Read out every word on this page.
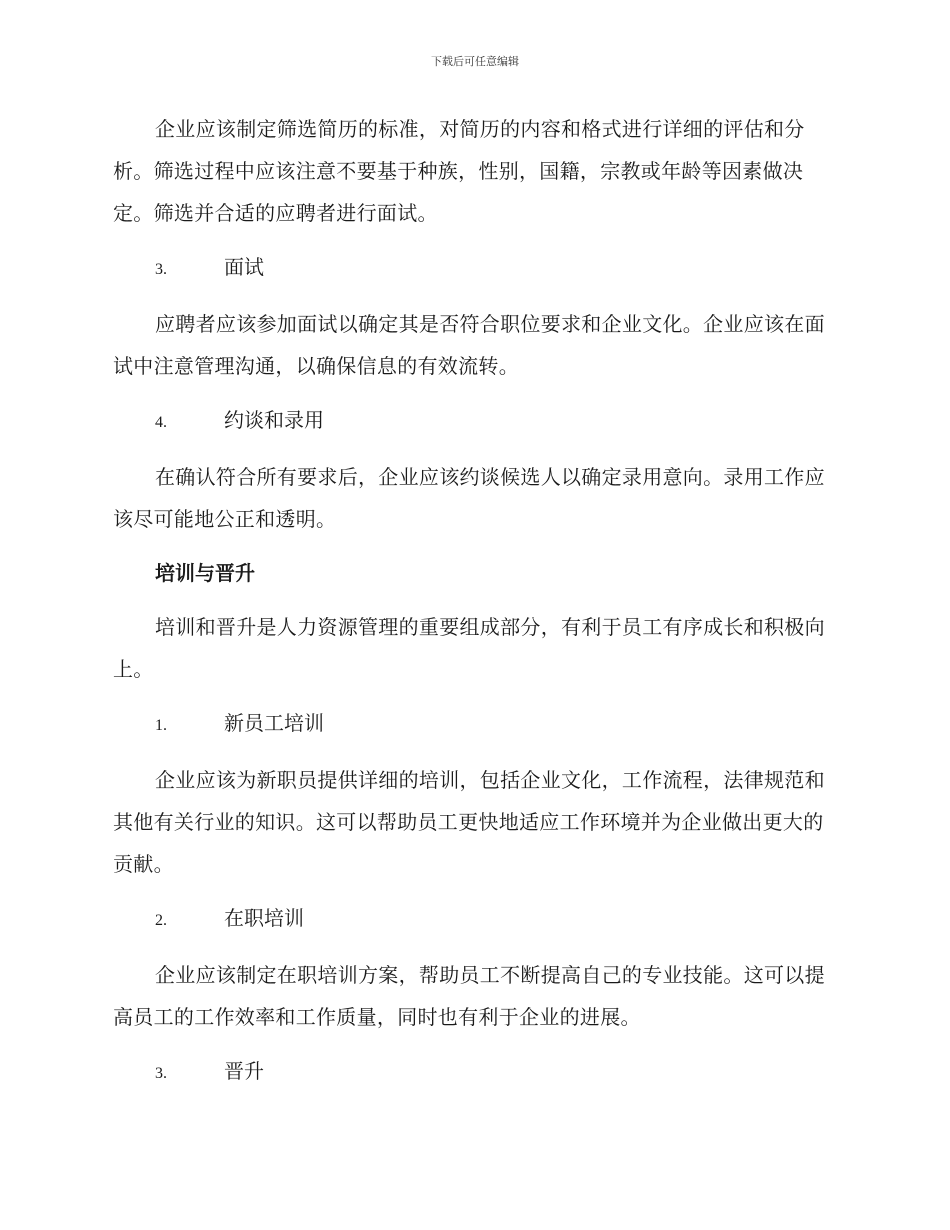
下载后可任意编辑

企业应该制定筛选简历的标准，对简历的内容和格式进行详细的评估和分析。筛选过程中应该注意不要基于种族，性别，国籍，宗教或年龄等因素做决定。筛选并合适的应聘者进行面试。

3.	面试

应聘者应该参加面试以确定其是否符合职位要求和企业文化。企业应该在面试中注意管理沟通，以确保信息的有效流转。

4.	约谈和录用

在确认符合所有要求后，企业应该约谈候选人以确定录用意向。录用工作应该尽可能地公正和透明。

培训与晋升

培训和晋升是人力资源管理的重要组成部分，有利于员工有序成长和积极向上。

1.	新员工培训

企业应该为新职员提供详细的培训，包括企业文化，工作流程，法律规范和其他有关行业的知识。这可以帮助员工更快地适应工作环境并为企业做出更大的贡献。

2.	在职培训

企业应该制定在职培训方案，帮助员工不断提高自己的专业技能。这可以提高员工的工作效率和工作质量，同时也有利于企业的进展。

3.	晋升
